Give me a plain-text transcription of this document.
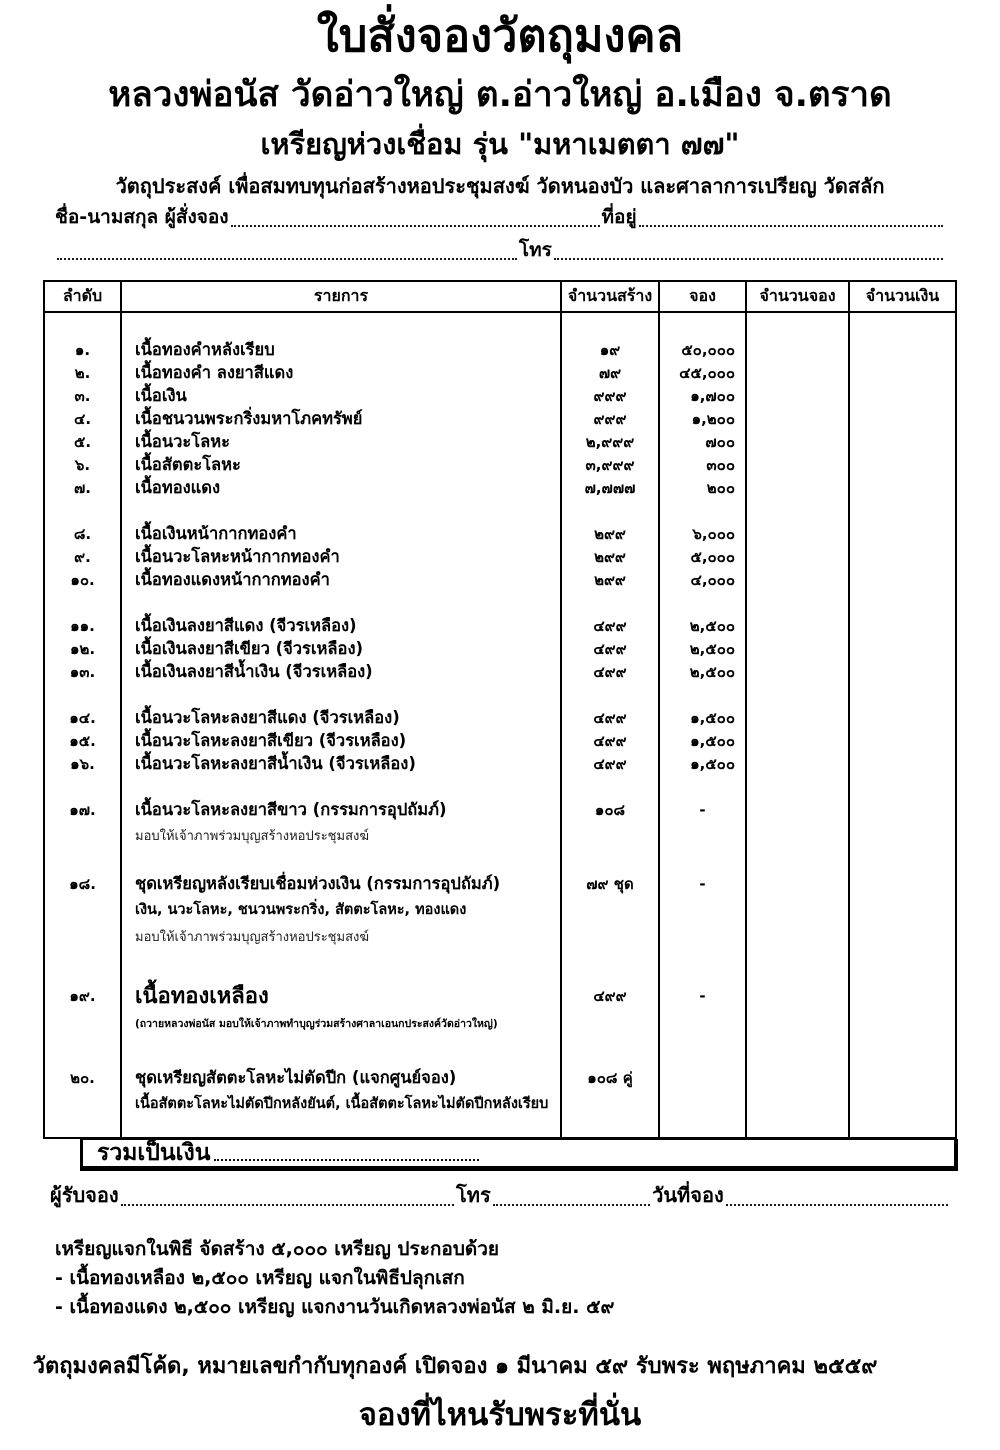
ใบสั่งจองวัตถุมงคล
หลวงพ่อนัส วัดอ่าวใหญ่ ต.อ่าวใหญ่ อ.เมือง จ.ตราด
เหรียญห่วงเชื่อม รุ่น "มหาเมตตา ๗๗"
วัตถุประสงค์ เพื่อสมทบทุนก่อสร้างหอประชุมสงฆ์ วัดหนองบัว และศาลาการเปรียญ วัดสลัก
ชื่อ-นามสกุล ผู้สั่งจอง	ที่อยู่
โทร
ลำดับ	รายการ	จำนวนสร้าง	จอง	จำนวนจอง	จำนวนเงิน
๑.	เนื้อทองคำหลังเรียบ	๑๙	๕๐,๐๐๐
๒.	เนื้อทองคำ ลงยาสีแดง	๗๙	๔๕,๐๐๐
๓.	เนื้อเงิน	๙๙๙	๑,๗๐๐
๔.	เนื้อชนวนพระกริ่งมหาโภคทรัพย์	๙๙๙	๑,๒๐๐
๕.	เนื้อนวะโลหะ	๒,๙๙๙	๗๐๐
๖.	เนื้อสัตตะโลหะ	๓,๙๙๙	๓๐๐
๗.	เนื้อทองแดง	๗,๗๗๗	๒๐๐
๘.	เนื้อเงินหน้ากากทองคำ	๒๙๙	๖,๐๐๐
๙.	เนื้อนวะโลหะหน้ากากทองคำ	๒๙๙	๕,๐๐๐
๑๐.	เนื้อทองแดงหน้ากากทองคำ	๒๙๙	๔,๐๐๐
๑๑.	เนื้อเงินลงยาสีแดง (จีวรเหลือง)	๔๙๙	๒,๕๐๐
๑๒.	เนื้อเงินลงยาสีเขียว (จีวรเหลือง)	๔๙๙	๒,๕๐๐
๑๓.	เนื้อเงินลงยาสีน้ำเงิน (จีวรเหลือง)	๔๙๙	๒,๕๐๐
๑๔.	เนื้อนวะโลหะลงยาสีแดง (จีวรเหลือง)	๔๙๙	๑,๕๐๐
๑๕.	เนื้อนวะโลหะลงยาสีเขียว (จีวรเหลือง)	๔๙๙	๑,๕๐๐
๑๖.	เนื้อนวะโลหะลงยาสีน้ำเงิน (จีวรเหลือง)	๔๙๙	๑,๕๐๐
๑๗.	เนื้อนวะโลหะลงยาสีขาว (กรรมการอุปถัมภ์)	๑๐๘	-
มอบให้เจ้าภาพร่วมบุญสร้างหอประชุมสงฆ์
๑๘.	ชุดเหรียญหลังเรียบเชื่อมห่วงเงิน (กรรมการอุปถัมภ์)	๗๙ ชุด	-
เงิน, นวะโลหะ, ชนวนพระกริ่ง, สัตตะโลหะ, ทองแดง
มอบให้เจ้าภาพร่วมบุญสร้างหอประชุมสงฆ์
๑๙.	เนื้อทองเหลือง	๔๙๙	-
(ถวายหลวงพ่อนัส มอบให้เจ้าภาพทำบุญร่วมสร้างศาลาเอนกประสงค์วัดอ่าวใหญ่)
๒๐.	ชุดเหรียญสัตตะโลหะไม่ตัดปีก (แจกศูนย์จอง)	๑๐๘ คู่
เนื้อสัตตะโลหะไม่ตัดปีกหลังยันต์, เนื้อสัตตะโลหะไม่ตัดปีกหลังเรียบ
รวมเป็นเงิน
ผู้รับจอง	โทร	วันที่จอง
เหรียญแจกในพิธี จัดสร้าง ๕,๐๐๐ เหรียญ ประกอบด้วย
- เนื้อทองเหลือง ๒,๕๐๐ เหรียญ แจกในพิธีปลุกเสก
- เนื้อทองแดง ๒,๕๐๐ เหรียญ แจกงานวันเกิดหลวงพ่อนัส ๒ มิ.ย. ๕๙
วัตถุมงคลมีโค้ด, หมายเลขกำกับทุกองค์ เปิดจอง ๑ มีนาคม ๕๙ รับพระ พฤษภาคม ๒๕๕๙
จองที่ไหนรับพระที่นั่น
